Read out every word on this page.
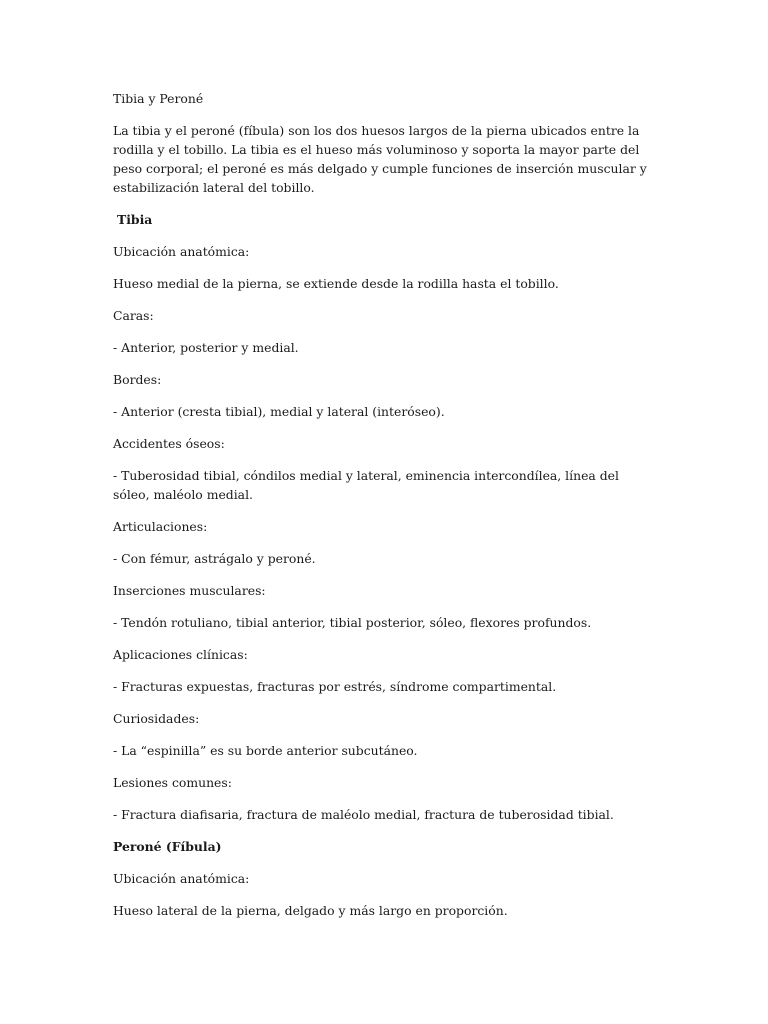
Tibia y Peroné

La tibia y el peroné (fíbula) son los dos huesos largos de la pierna ubicados entre la rodilla y el tobillo. La tibia es el hueso más voluminoso y soporta la mayor parte del peso corporal; el peroné es más delgado y cumple funciones de inserción muscular y estabilización lateral del tobillo.

Tibia

Ubicación anatómica:

Hueso medial de la pierna, se extiende desde la rodilla hasta el tobillo.

Caras:

- Anterior, posterior y medial.

Bordes:

- Anterior (cresta tibial), medial y lateral (interóseo).

Accidentes óseos:

- Tuberosidad tibial, cóndilos medial y lateral, eminencia intercondílea, línea del sóleo, maléolo medial.

Articulaciones:

- Con fémur, astrágalo y peroné.

Inserciones musculares:

- Tendón rotuliano, tibial anterior, tibial posterior, sóleo, flexores profundos.

Aplicaciones clínicas:

- Fracturas expuestas, fracturas por estrés, síndrome compartimental.

Curiosidades:

- La “espinilla” es su borde anterior subcutáneo.

Lesiones comunes:

- Fractura diafisaria, fractura de maléolo medial, fractura de tuberosidad tibial.

Peroné (Fíbula)

Ubicación anatómica:

Hueso lateral de la pierna, delgado y más largo en proporción.
